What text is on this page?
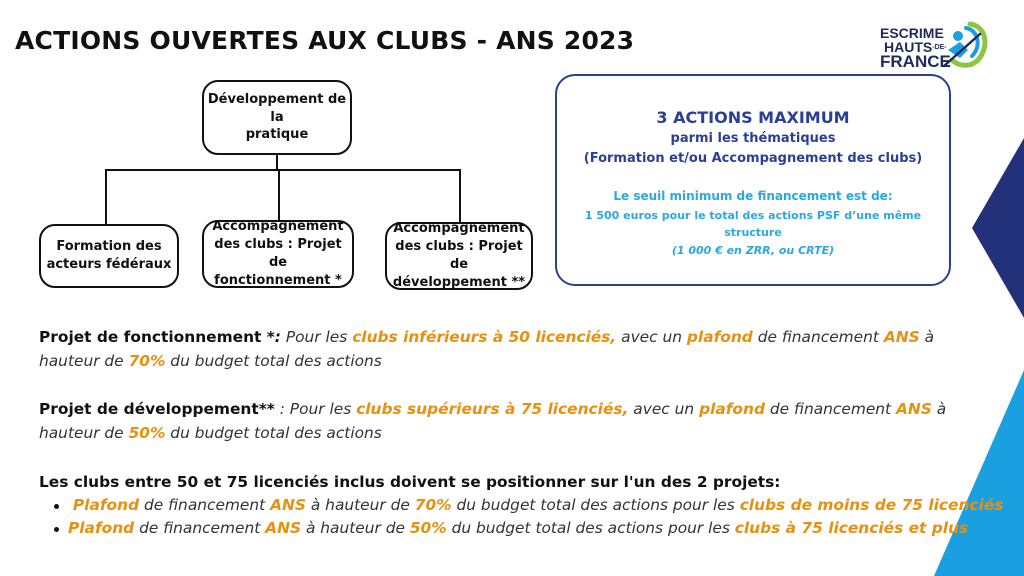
ACTIONS OUVERTES AUX CLUBS - ANS 2023	ESCRIME
$HAUTS^{-DE-}$
FRANCE
Développement de la
pratique
Formation des
acteurs fédéraux
Accompagnement
des clubs : Projet de
fonctionnement *
Accompagnement
des clubs : Projet de
développement **
3 ACTIONS MAXIMUM
parmi les thématiques
(Formation et/ou Accompagnement des clubs)
Le seuil minimum de financement est de:
1 500 euros pour le total des actions PSF d’une même structure
(1 000 € en ZRR, ou CRTE)
Projet de fonctionnement *: Pour les clubs inférieurs à 50 licenciés, avec un plafond de financement ANS à hauteur de 70% du budget total des actions
Projet de développement** : Pour les clubs supérieurs à 75 licenciés, avec un plafond de financement ANS à hauteur de 50% du budget total des actions
Les clubs entre 50 et 75 licenciés inclus doivent se positionner sur l'un des 2 projets:
Plafond de financement ANS à hauteur de 70% du budget total des actions pour les clubs de moins de 75 licenciés
Plafond de financement ANS à hauteur de 50% du budget total des actions pour les clubs à 75 licenciés et plus
